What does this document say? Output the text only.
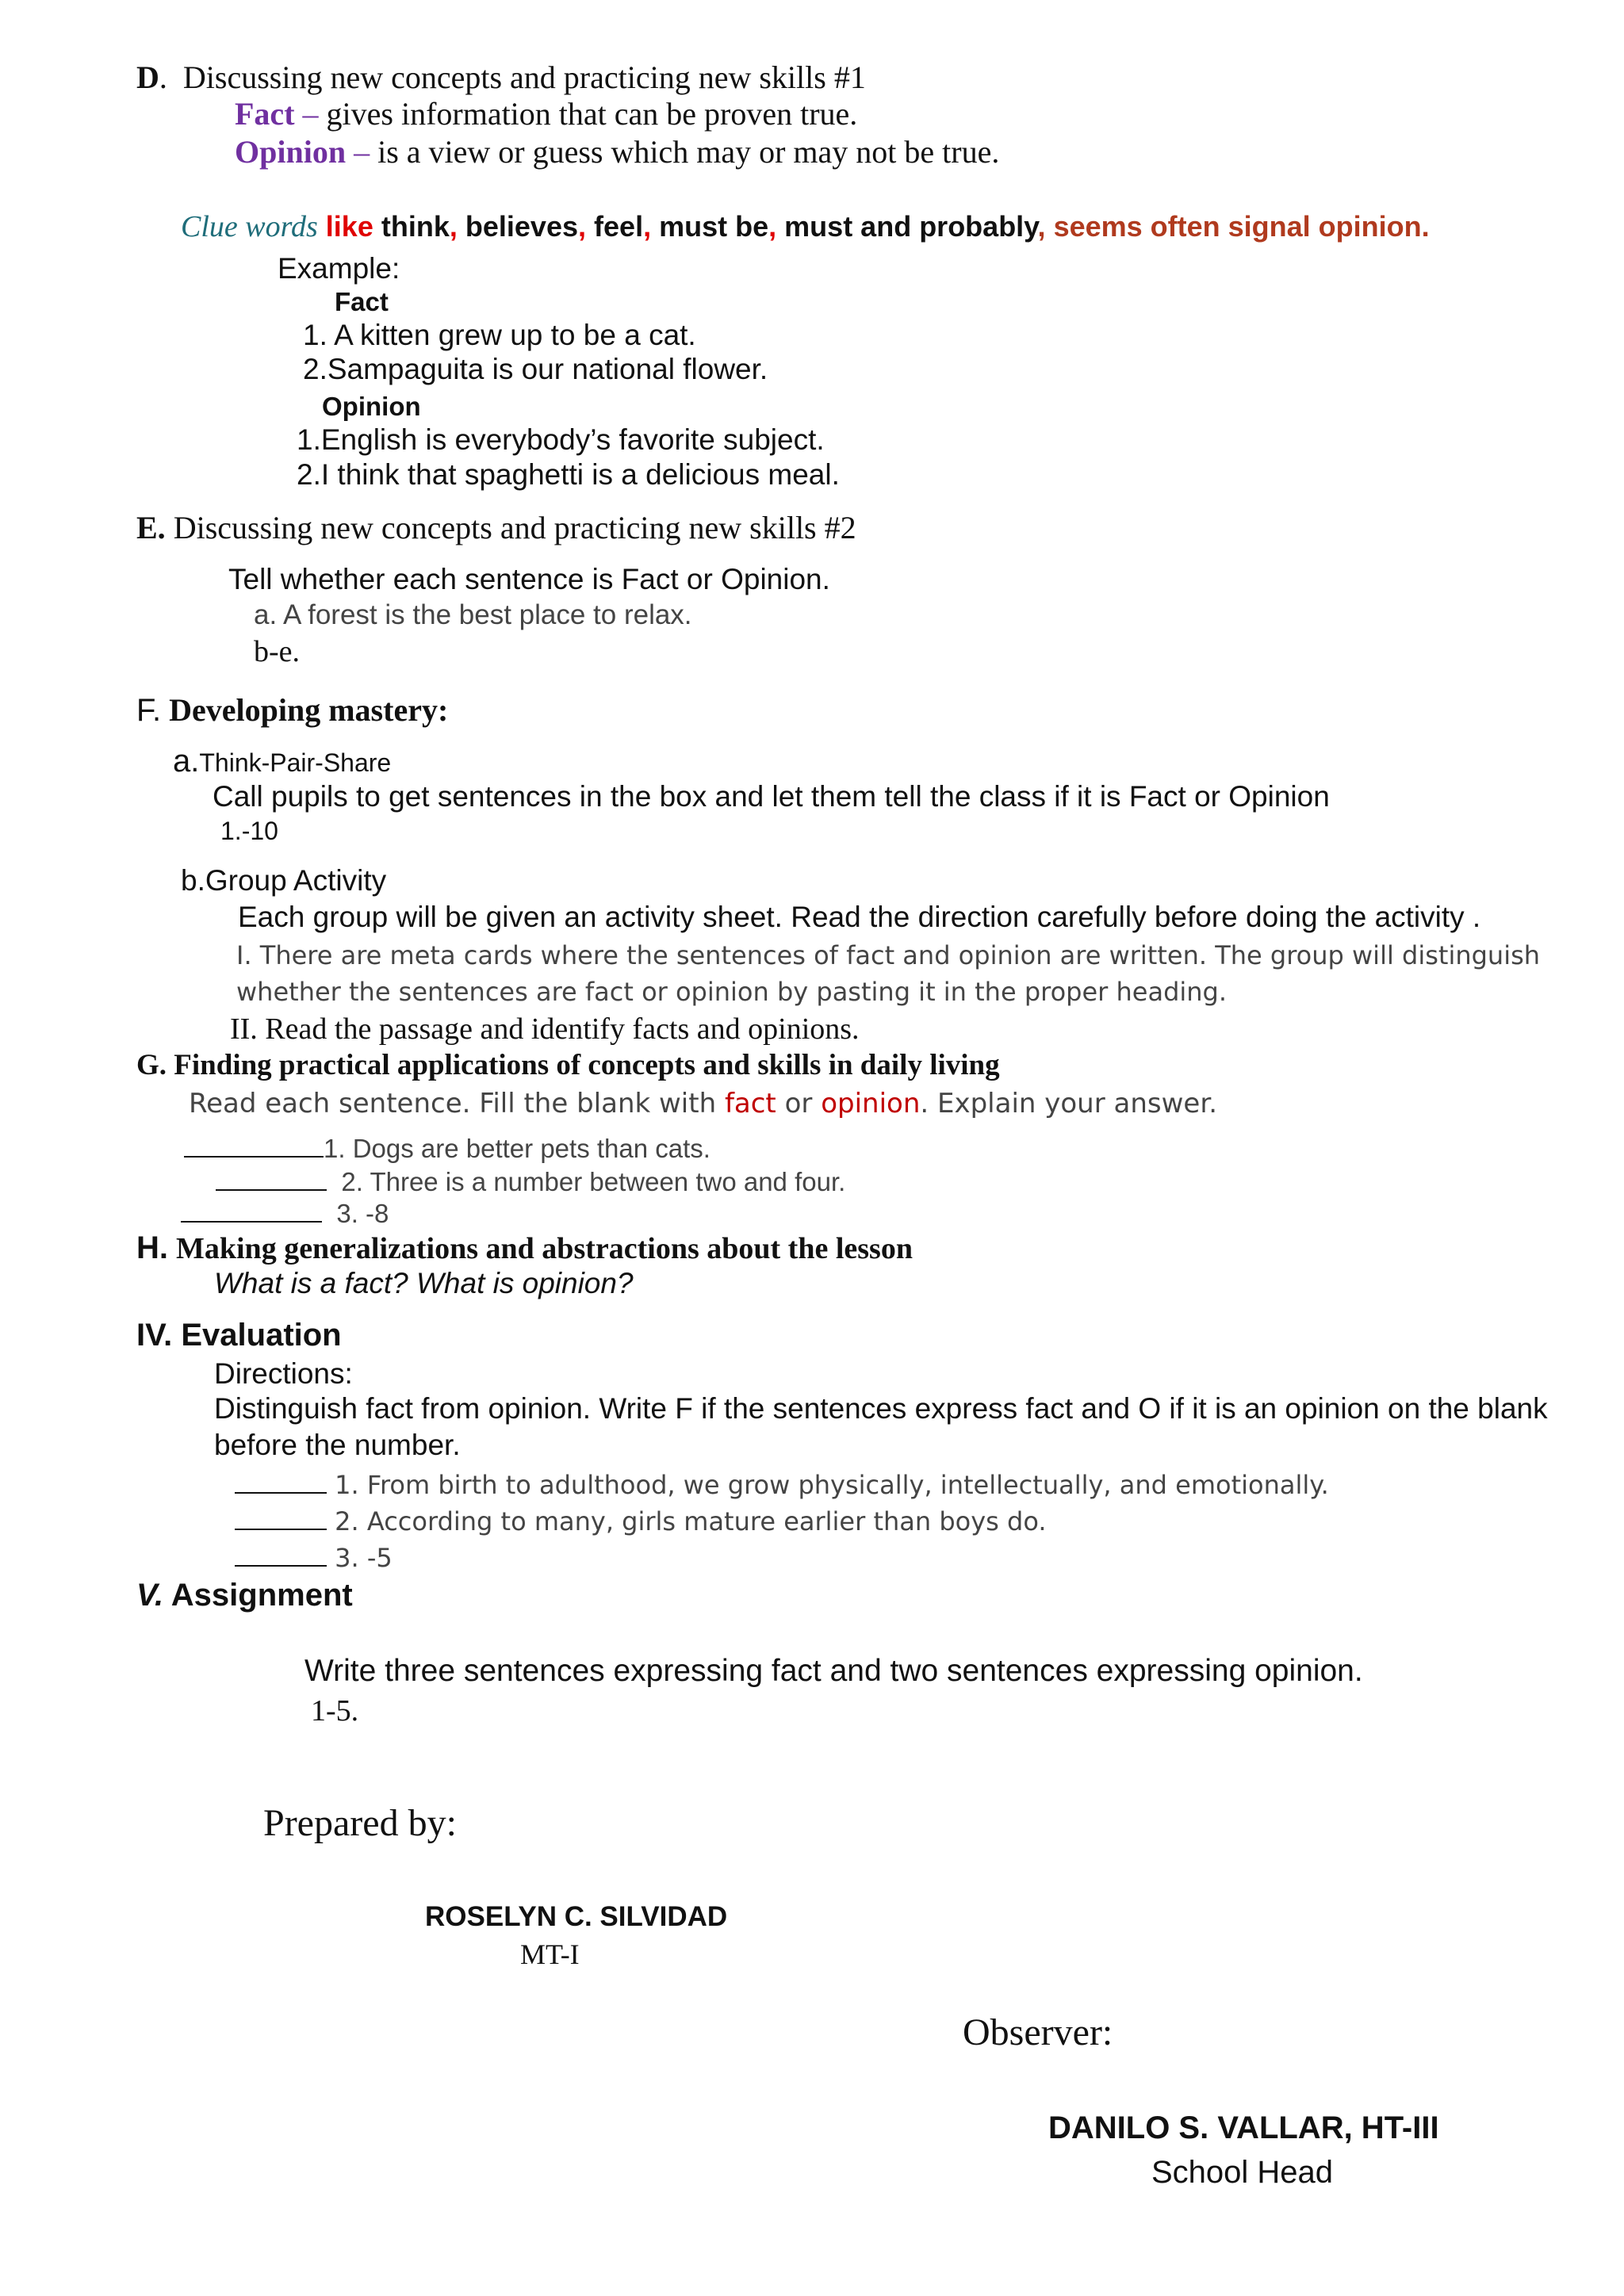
D.  Discussing new concepts and practicing new skills #1
Fact – gives information that can be proven true.
Opinion – is a view or guess which may or may not be true.
Clue words like think, believes, feel, must be, must and probably, seems often signal opinion.
Example:
Fact
1. A kitten grew up to be a cat.
2.Sampaguita is our national flower.
Opinion
1.English is everybody’s favorite subject.
2.I think that spaghetti is a delicious meal.
E. Discussing new concepts and practicing new skills #2
Tell whether each sentence is Fact or Opinion.
a. A forest is the best place to relax.
b-e.
F. Developing mastery:
a.Think-Pair-Share
Call pupils to get sentences in the box and let them tell the class if it is Fact or Opinion
1.-10
b.Group Activity
Each group will be given an activity sheet. Read the direction carefully before doing the activity .
I. There are meta cards where the sentences of fact and opinion are written. The group will distinguish
whether the sentences are fact or opinion by pasting it in the proper heading.
II. Read the passage and identify facts and opinions.
G. Finding practical applications of concepts and skills in daily living
Read each sentence. Fill the blank with fact or opinion. Explain your answer.
1. Dogs are better pets than cats.
2. Three is a number between two and four.
3. -8
H. Making generalizations and abstractions about the lesson
What is a fact? What is opinion?
IV. Evaluation
Directions:
Distinguish fact from opinion. Write F if the sentences express fact and O if it is an opinion on the blank
before the number.
1. From birth to adulthood, we grow physically, intellectually, and emotionally.
2. According to many, girls mature earlier than boys do.
3. -5
V. Assignment
Write three sentences expressing fact and two sentences expressing opinion.
1-5.
Prepared by:
ROSELYN C. SILVIDAD
MT-I
Observer:
DANILO S. VALLAR, HT-III
School Head
